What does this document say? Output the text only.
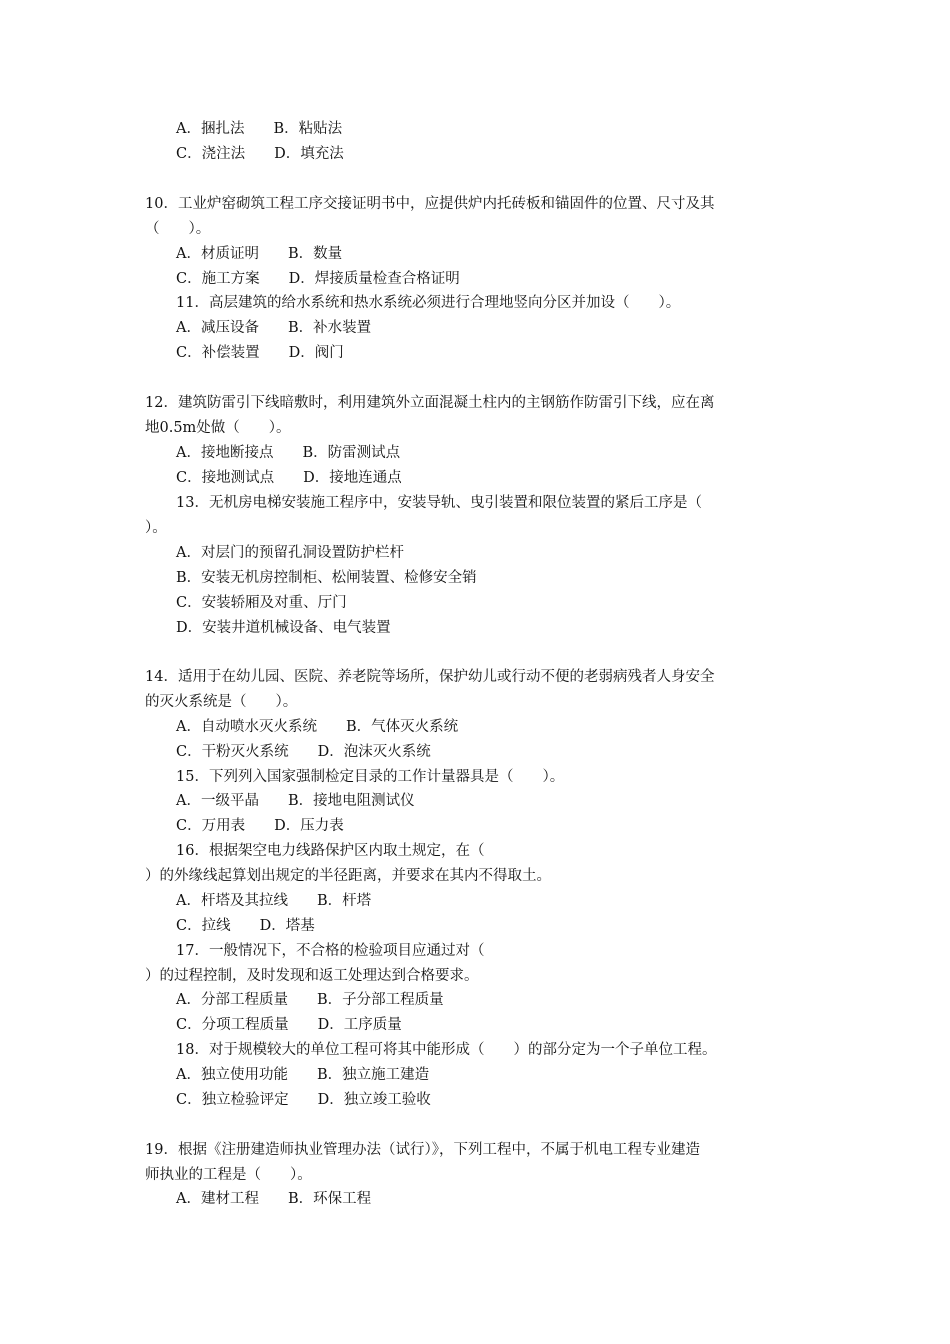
A．捆扎法　　B．粘贴法

C．浇注法　　D．填充法

10．工业炉窑砌筑工程工序交接证明书中，应提供炉内托砖板和锚固件的位置、尺寸及其

（　　）。

A．材质证明　　B．数量

C．施工方案　　D．焊接质量检查合格证明

11．高层建筑的给水系统和热水系统必须进行合理地竖向分区并加设（　　）。

A．减压设备　　B．补水装置

C．补偿装置　　D．阀门

12．建筑防雷引下线暗敷时，利用建筑外立面混凝土柱内的主钢筋作防雷引下线，应在离

地0.5m处做（　　）。

A．接地断接点　　B．防雷测试点

C．接地测试点　　D．接地连通点

13．无机房电梯安装施工程序中，安装导轨、曳引装置和限位装置的紧后工序是（

）。

A．对层门的预留孔洞设置防护栏杆

B．安装无机房控制柜、松闸装置、检修安全销

C．安装轿厢及对重、厅门

D．安装井道机械设备、电气装置

14．适用于在幼儿园、医院、养老院等场所，保护幼儿或行动不便的老弱病残者人身安全

的灭火系统是（　　）。

A．自动喷水灭火系统　　B．气体灭火系统

C．干粉灭火系统　　D．泡沫灭火系统

15．下列列入国家强制检定目录的工作计量器具是（　　）。

A．一级平晶　　B．接地电阻测试仪

C．万用表　　D．压力表

16．根据架空电力线路保护区内取土规定，在（

）的外缘线起算划出规定的半径距离，并要求在其内不得取土。

A．杆塔及其拉线　　B．杆塔

C．拉线　　D．塔基

17．一般情况下，不合格的检验项目应通过对（

）的过程控制，及时发现和返工处理达到合格要求。

A．分部工程质量　　B．子分部工程质量

C．分项工程质量　　D．工序质量

18．对于规模较大的单位工程可将其中能形成（　　）的部分定为一个子单位工程。

A．独立使用功能　　B．独立施工建造

C．独立检验评定　　D．独立竣工验收

19．根据《注册建造师执业管理办法（试行）》，下列工程中，不属于机电工程专业建造

师执业的工程是（　　）。

A．建材工程　　B．环保工程
